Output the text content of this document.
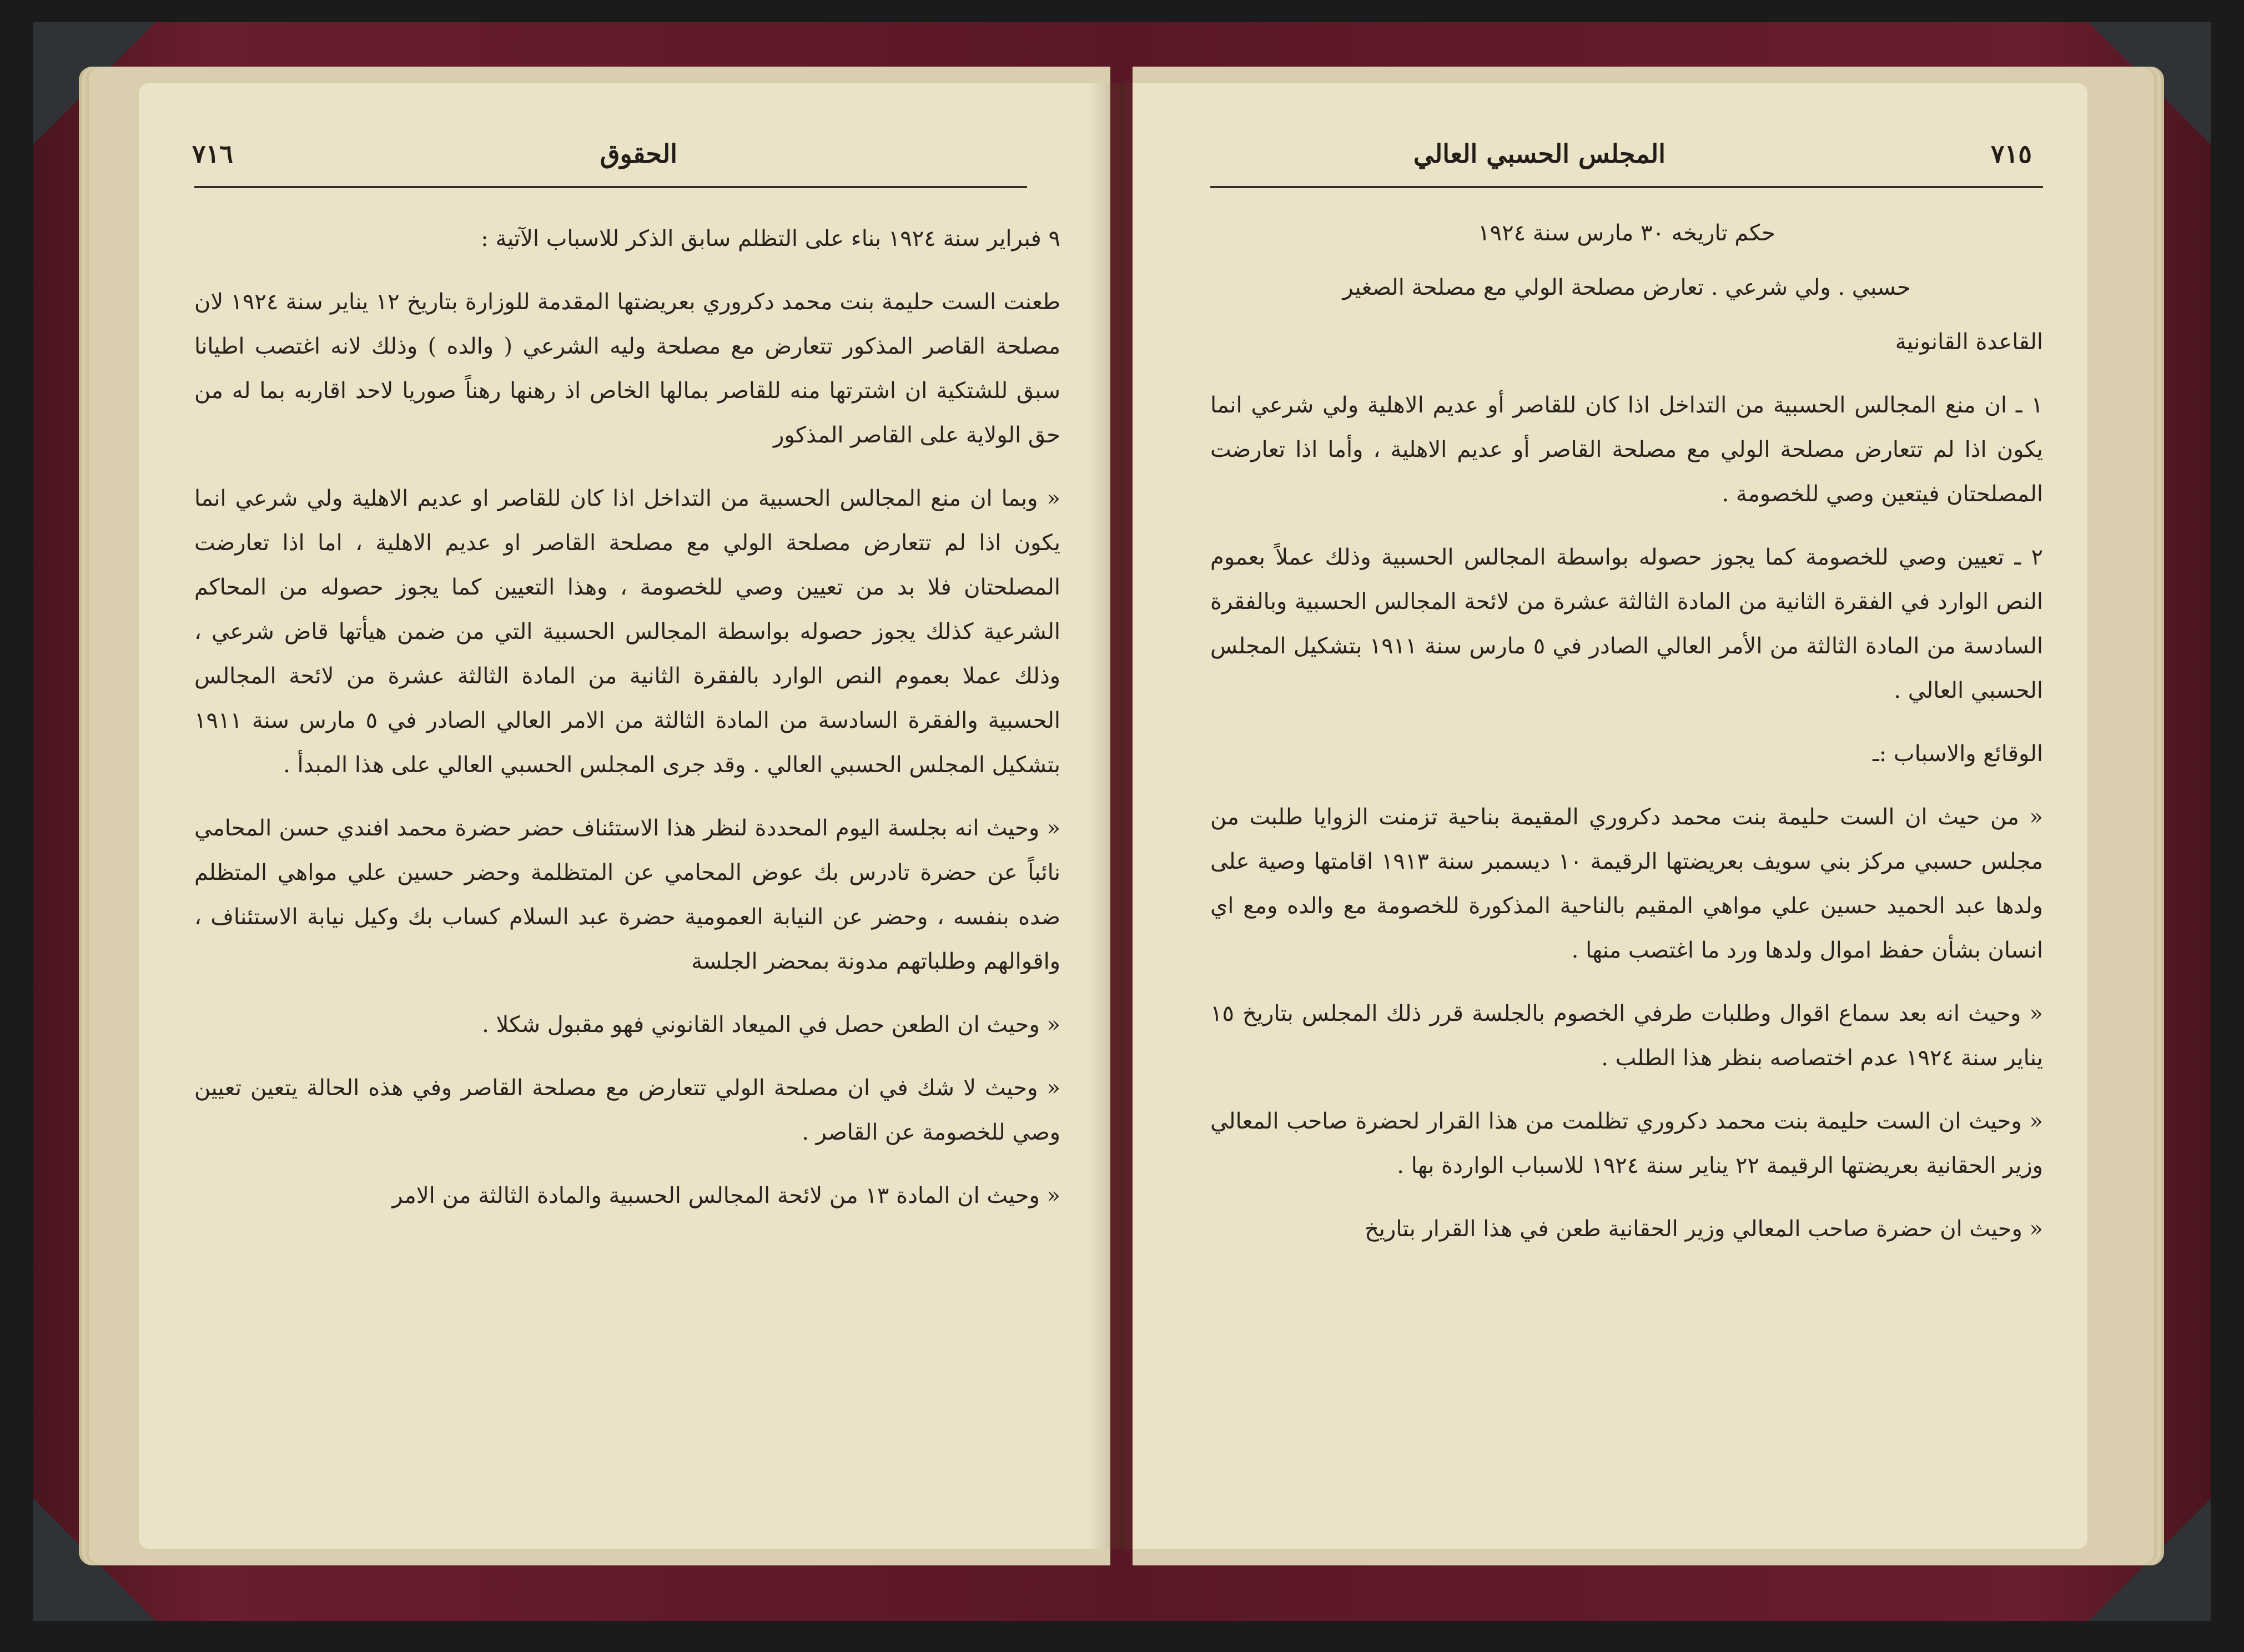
٧١٦	الحقوق

٩ فبراير سنة ١٩٢٤ بناء على التظلم سابق الذكر للاسباب الآتية :

طعنت الست حليمة بنت محمد دكروري بعريضتها المقدمة للوزارة بتاريخ ١٢ يناير سنة ١٩٢٤ لان مصلحة القاصر المذكور تتعارض مع مصلحة وليه الشرعي ( والده ) وذلك لانه اغتصب اطيانا سبق للشتكية ان اشترتها منه للقاصر بمالها الخاص اذ رهنها رهناً صوريا لاحد اقاربه بما له من حق الولاية على القاصر المذكور

« وبما ان منع المجالس الحسبية من التداخل اذا كان للقاصر او عديم الاهلية ولي شرعي انما يكون اذا لم تتعارض مصلحة الولي مع مصلحة القاصر او عديم الاهلية ، اما اذا تعارضت المصلحتان فلا بد من تعيين وصي للخصومة ، وهذا التعيين كما يجوز حصوله من المحاكم الشرعية كذلك يجوز حصوله بواسطة المجالس الحسبية التي من ضمن هيأتها قاض شرعي ، وذلك عملا بعموم النص الوارد بالفقرة الثانية من المادة الثالثة عشرة من لائحة المجالس الحسبية والفقرة السادسة من المادة الثالثة من الامر العالي الصادر في ٥ مارس سنة ١٩١١ بتشكيل المجلس الحسبي العالي . وقد جرى المجلس الحسبي العالي على هذا المبدأ .

« وحيث انه بجلسة اليوم المحددة لنظر هذا الاستئناف حضر حضرة محمد افندي حسن المحامي نائباً عن حضرة تادرس بك عوض المحامي عن المتظلمة وحضر حسين علي مواهي المتظلم ضده بنفسه ، وحضر عن النيابة العمومية حضرة عبد السلام كساب بك وكيل نيابة الاستئناف ، واقوالهم وطلباتهم مدونة بمحضر الجلسة

« وحيث ان الطعن حصل في الميعاد القانوني فهو مقبول شكلا .

« وحيث لا شك في ان مصلحة الولي تتعارض مع مصلحة القاصر وفي هذه الحالة يتعين تعيين وصي للخصومة عن القاصر .

« وحيث ان المادة ١٣ من لائحة المجالس الحسبية والمادة الثالثة من الامر

٧١٥
المجلس الحسبي العالي
حكم تاريخه ٣٠ مارس سنة ١٩٢٤
حسبي . ولي شرعي . تعارض مصلحة الولي مع مصلحة الصغير

القاعدة القانونية

١ ـ ان منع المجالس الحسبية من التداخل اذا كان للقاصر أو عديم الاهلية ولي شرعي انما يكون اذا لم تتعارض مصلحة الولي مع مصلحة القاصر أو عديم الاهلية ، وأما اذا تعارضت المصلحتان فيتعين وصي للخصومة .

٢ ـ تعيين وصي للخصومة كما يجوز حصوله بواسطة المجالس الحسبية وذلك عملاً بعموم النص الوارد في الفقرة الثانية من المادة الثالثة عشرة من لائحة المجالس الحسبية وبالفقرة السادسة من المادة الثالثة من الأمر العالي الصادر في ٥ مارس سنة ١٩١١ بتشكيل المجلس الحسبي العالي .

الوقائع والاسباب :ـ

« من حيث ان الست حليمة بنت محمد دكروري المقيمة بناحية تزمنت الزوايا طلبت من مجلس حسبي مركز بني سويف بعريضتها الرقيمة ١٠ ديسمبر سنة ١٩١٣ اقامتها وصية على ولدها عبد الحميد حسين علي مواهي المقيم بالناحية المذكورة للخصومة مع والده ومع اي انسان بشأن حفظ اموال ولدها ورد ما اغتصب منها .

« وحيث انه بعد سماع اقوال وطلبات طرفي الخصوم بالجلسة قرر ذلك المجلس بتاريخ ١٥ يناير سنة ١٩٢٤ عدم اختصاصه بنظر هذا الطلب .

« وحيث ان الست حليمة بنت محمد دكروري تظلمت من هذا القرار لحضرة صاحب المعالي وزير الحقانية بعريضتها الرقيمة ٢٢ يناير سنة ١٩٢٤ للاسباب الواردة بها .

« وحيث ان حضرة صاحب المعالي وزير الحقانية طعن في هذا القرار بتاريخ
